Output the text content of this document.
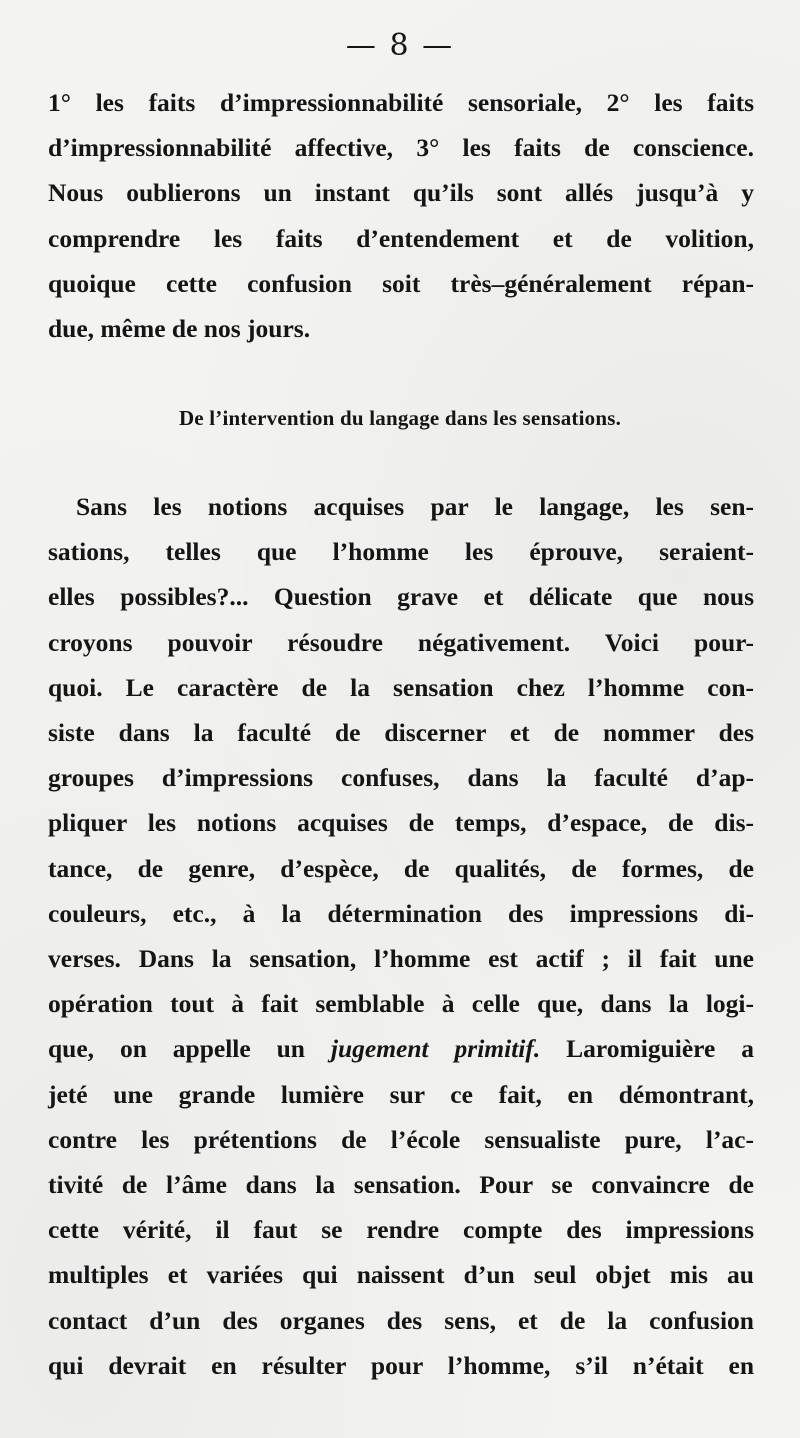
— 8 —
1° les faits d’impressionnabilité sensoriale, 2° les faits
d’impressionnabilité affective, 3° les faits de conscience.
Nous oublierons un instant qu’ils sont allés jusqu’à y
comprendre les faits d’entendement et de volition,
quoique cette confusion soit très–généralement répan-
due, même de nos jours.
De l’intervention du langage dans les sensations.
Sans les notions acquises par le langage, les sen-
sations, telles que l’homme les éprouve, seraient-
elles possibles?... Question grave et délicate que nous
croyons pouvoir résoudre négativement. Voici pour-
quoi. Le caractère de la sensation chez l’homme con-
siste dans la faculté de discerner et de nommer des
groupes d’impressions confuses, dans la faculté d’ap-
pliquer les notions acquises de temps, d’espace, de dis-
tance, de genre, d’espèce, de qualités, de formes, de
couleurs, etc., à la détermination des impressions di-
verses. Dans la sensation, l’homme est actif ; il fait une
opération tout à fait semblable à celle que, dans la logi-
que, on appelle un jugement primitif. Laromiguière a
jeté une grande lumière sur ce fait, en démontrant,
contre les prétentions de l’école sensualiste pure, l’ac-
tivité de l’âme dans la sensation. Pour se convaincre de
cette vérité, il faut se rendre compte des impressions
multiples et variées qui naissent d’un seul objet mis au
contact d’un des organes des sens, et de la confusion
qui devrait en résulter pour l’homme, s’il n’était en
